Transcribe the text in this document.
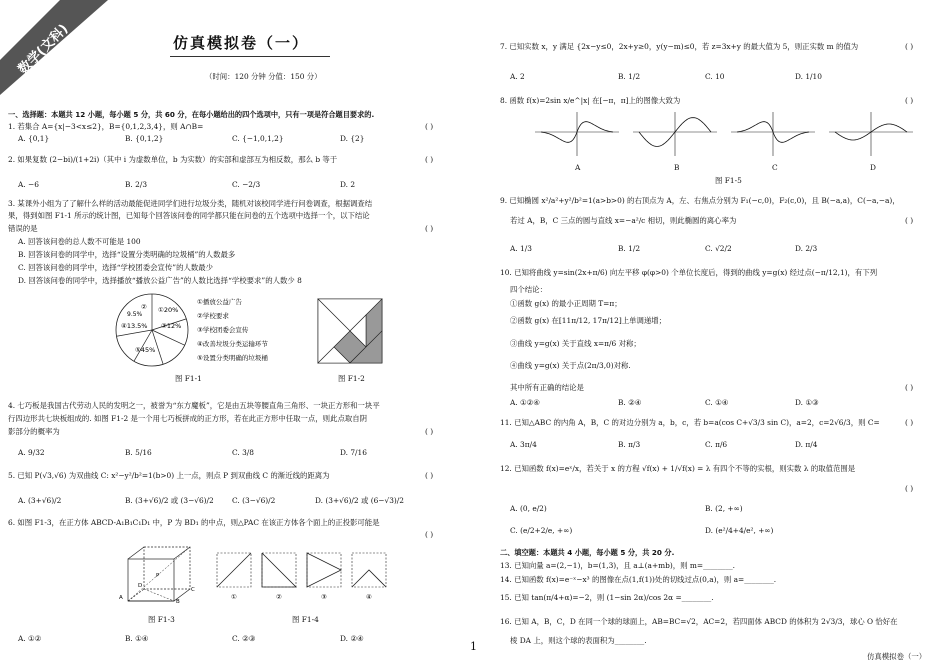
数学(文科)	仿真模拟卷（一）
（时间：120 分钟 分值：150 分）
一、选择题：本题共 12 小题，每小题 5 分，共 60 分，在每小题给出的四个选项中，只有一项是符合题目要求的.
1. 若集合 A={x|−3<x≤2}，B={0,1,2,3,4}，则 A∩B=	( )
A. {0,1}	B. {0,1,2}	C. {−1,0,1,2}	D. {2}
2. 如果复数 (2−bi)/(1+2i)（其中 i 为虚数单位，b 为实数）的实部和虚部互为相反数，那么 b 等于	( )
A. −6	B. 2/3	C. −2/3	D. 2
3. 某课外小组为了了解什么样的活动最能促进同学们进行垃圾分类，随机对该校同学进行问卷调查，根据调查结
果，得到如图 F1-1 所示的统计图，已知每个回答该问卷的同学都只能在问卷的五个选项中选择一个，以下结论
错误的是	( )
A. 回答该问卷的总人数不可能是 100
B. 回答该问卷的同学中，选择“设置分类明确的垃圾桶”的人数最多
C. 回答该问卷的同学中，选择“学校团委会宣传”的人数最少
D. 回答该问卷的同学中，选择播放“播放公益广告”的人数比选择“学校要求”的人数少 8
①20%
②
③12%
④13.5%
⑤45%
9.5%
①播放公益广告
②学校要求
③学校团委会宣传
④改善垃圾分类运输环节
⑤设置分类明确的垃圾桶
图 F1-1	图 F1-2
4. 七巧板是我国古代劳动人民的发明之一，被誉为“东方魔板”，它是由五块等腰直角三角形、一块正方形和一块平
行四边形共七块板组成的. 如图 F1-2 是一个用七巧板拼成的正方形，若在此正方形中任取一点，则此点取自阴
影部分的概率为	( )
A. 9/32	B. 5/16	C. 3/8	D. 7/16
5. 已知 P(√3,√6) 为双曲线 C: x²−y²/b²=1(b>0) 上一点，则点 P 到双曲线 C 的渐近线的距离为	( )
A. (3+√6)/2	B. (3+√6)/2 或 (3−√6)/2 C. (3−√6)/2	D. (3+√6)/2 或 (6−√3)/2
6. 如图 F1-3，在正方体 ABCD-A₁B₁C₁D₁ 中，P 为 BD₁ 的中点，则△PAC 在该正方体各个面上的正投影可能是
( )
A
B
C
D
P
图 F1-3
①	②	③	④
图 F1-4
A. ①②	B. ①④	C. ②③	D. ②④
1
7. 已知实数 x，y 满足 {2x−y≤0，2x+y≥0，y(y−m)≤0，若 z=3x+y 的最大值为 5，则正实数 m 的值为	( )
A. 2	B. 1/2	C. 10	D. 1/10
8. 函数 f(x)=2sin x/e^|x| 在[−π，π]上的图像大致为	( )
A	B	C	D
图 F1-5
9. 已知椭圆 x²/a²+y²/b²=1(a>b>0) 的右顶点为 A，左、右焦点分别为 F₁(−c,0)，F₂(c,0)，且 B(−a,a)，C(−a,−a)，
若过 A，B，C 三点的圆与直线 x=−a²/c 相切，则此椭圆的离心率为	( )
A. 1/3	B. 1/2	C. √2/2	D. 2/3
10. 已知将曲线 y=sin(2x+π/6) 向左平移 φ(φ>0) 个单位长度后，得到的曲线 y=g(x) 经过点(−π/12,1)，有下列
四个结论：
①函数 g(x) 的最小正周期 T=π；
②函数 g(x) 在[11π/12, 17π/12]上单调递增；
③曲线 y=g(x) 关于直线 x=π/6 对称；
④曲线 y=g(x) 关于点(2π/3,0)对称.
其中所有正确的结论是	( )
A. ①②④	B. ②④	C. ①④	D. ①③
11. 已知△ABC 的内角 A，B，C 的对边分别为 a，b，c，若 b=a(cos C+√3/3 sin C)，a=2，c=2√6/3，则 C=	( )
A. 3π/4	B. π/3	C. π/6	D. π/4
12. 已知函数 f(x)=eˣ/x，若关于 x 的方程 √f(x) + 1/√f(x) = λ 有四个不等的实根，则实数 λ 的取值范围是
( )
A. (0, e/2)	B. (2, +∞)
C. (e/2+2/e, +∞)	D. (e²/4+4/e², +∞)
二、填空题：本题共 4 小题，每小题 5 分，共 20 分.
13. 已知向量 a=(2,−1)，b=(1,3)，且 a⊥(a+mb)，则 m=________.
14. 已知函数 f(x)=e⁻ˣ−x³ 的图像在点(1,f(1))处的切线过点(0,a)，则 a=________.
15. 已知 tan(π/4+α)=−2，则 (1−sin 2α)/cos 2α =________.
16. 已知 A，B，C，D 在同一个球的球面上，AB=BC=√2，AC=2，若四面体 ABCD 的体积为 2√3/3，球心 O 恰好在
棱 DA 上，则这个球的表面积为________.
仿真模拟卷（一）
